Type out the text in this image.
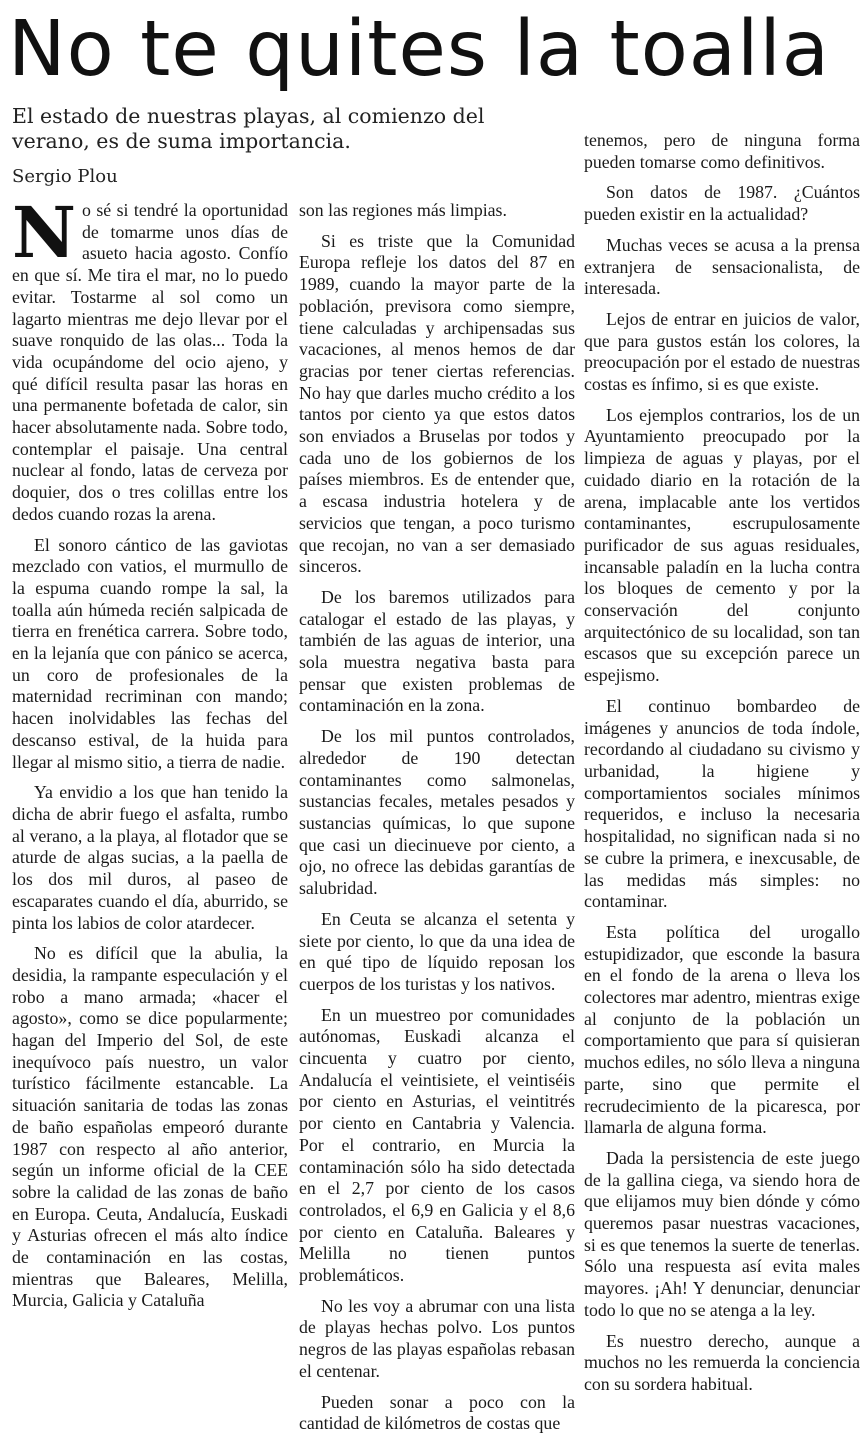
No te quites la toalla

El estado de nuestras playas, al comienzo del verano, es de suma importancia.

Sergio Plou

No sé si tendré la oportunidad de tomarme unos días de asueto hacia agosto. Confío en que sí. Me tira el mar, no lo puedo evitar. Tostarme al sol como un lagarto mientras me dejo llevar por el suave ronquido de las olas... Toda la vida ocupándome del ocio ajeno, y qué difícil resulta pasar las horas en una permanente bofetada de calor, sin hacer absolutamente nada. Sobre todo, contemplar el paisaje. Una central nuclear al fondo, latas de cerveza por doquier, dos o tres colillas entre los dedos cuando rozas la arena.

El sonoro cántico de las gaviotas mezclado con vatios, el murmullo de la espuma cuando rompe la sal, la toalla aún húmeda recién salpicada de tierra en frenética carrera. Sobre todo, en la lejanía que con pánico se acerca, un coro de profesionales de la maternidad recriminan con mando; hacen inolvidables las fechas del descanso estival, de la huida para llegar al mismo sitio, a tierra de nadie.

Ya envidio a los que han tenido la dicha de abrir fuego el asfalta, rumbo al verano, a la playa, al flotador que se aturde de algas sucias, a la paella de los dos mil duros, al paseo de escaparates cuando el día, aburrido, se pinta los labios de color atardecer.

No es difícil que la abulia, la desidia, la rampante especulación y el robo a mano armada; «hacer el agosto», como se dice popularmente; hagan del Imperio del Sol, de este inequívoco país nuestro, un valor turístico fácilmente estancable. La situación sanitaria de todas las zonas de baño españolas empeoró durante 1987 con respecto al año anterior, según un informe oficial de la CEE sobre la calidad de las zonas de baño en Europa. Ceuta, Andalucía, Euskadi y Asturias ofrecen el más alto índice de contaminación en las costas, mientras que Baleares, Melilla, Murcia, Galicia y Cataluña

son las regiones más limpias.

Si es triste que la Comunidad Europa refleje los datos del 87 en 1989, cuando la mayor parte de la población, previsora como siempre, tiene calculadas y archipensadas sus vacaciones, al menos hemos de dar gracias por tener ciertas referencias. No hay que darles mucho crédito a los tantos por ciento ya que estos datos son enviados a Bruselas por todos y cada uno de los gobiernos de los países miembros. Es de entender que, a escasa industria hotelera y de servicios que tengan, a poco turismo que recojan, no van a ser demasiado sinceros.

De los baremos utilizados para catalogar el estado de las playas, y también de las aguas de interior, una sola muestra negativa basta para pensar que existen problemas de contaminación en la zona.

De los mil puntos controlados, alrededor de 190 detectan contaminantes como salmonelas, sustancias fecales, metales pesados y sustancias químicas, lo que supone que casi un diecinueve por ciento, a ojo, no ofrece las debidas garantías de salubridad.

En Ceuta se alcanza el setenta y siete por ciento, lo que da una idea de en qué tipo de líquido reposan los cuerpos de los turistas y los nativos.

En un muestreo por comunidades autónomas, Euskadi alcanza el cincuenta y cuatro por ciento, Andalucía el veintisiete, el veintiséis por ciento en Asturias, el veintitrés por ciento en Cantabria y Valencia. Por el contrario, en Murcia la contaminación sólo ha sido detectada en el 2,7 por ciento de los casos controlados, el 6,9 en Galicia y el 8,6 por ciento en Cataluña. Baleares y Melilla no tienen puntos problemáticos.

No les voy a abrumar con una lista de playas hechas polvo. Los puntos negros de las playas españolas rebasan el centenar.

Pueden sonar a poco con la cantidad de kilómetros de costas que

tenemos, pero de ninguna forma pueden tomarse como definitivos.

Son datos de 1987. ¿Cuántos pueden existir en la actualidad?

Muchas veces se acusa a la prensa extranjera de sensacionalista, de interesada.

Lejos de entrar en juicios de valor, que para gustos están los colores, la preocupación por el estado de nuestras costas es ínfimo, si es que existe.

Los ejemplos contrarios, los de un Ayuntamiento preocupado por la limpieza de aguas y playas, por el cuidado diario en la rotación de la arena, implacable ante los vertidos contaminantes, escrupulosamente purificador de sus aguas residuales, incansable paladín en la lucha contra los bloques de cemento y por la conservación del conjunto arquitectónico de su localidad, son tan escasos que su excepción parece un espejismo.

El continuo bombardeo de imágenes y anuncios de toda índole, recordando al ciudadano su civismo y urbanidad, la higiene y comportamientos sociales mínimos requeridos, e incluso la necesaria hospitalidad, no significan nada si no se cubre la primera, e inexcusable, de las medidas más simples: no contaminar.

Esta política del urogallo estupidizador, que esconde la basura en el fondo de la arena o lleva los colectores mar adentro, mientras exige al conjunto de la población un comportamiento que para sí quisieran muchos ediles, no sólo lleva a ninguna parte, sino que permite el recrudecimiento de la picaresca, por llamarla de alguna forma.

Dada la persistencia de este juego de la gallina ciega, va siendo hora de que elijamos muy bien dónde y cómo queremos pasar nuestras vacaciones, si es que tenemos la suerte de tenerlas. Sólo una respuesta así evita males mayores. ¡Ah! Y denunciar, denunciar todo lo que no se atenga a la ley.

Es nuestro derecho, aunque a muchos no les remuerda la conciencia con su sordera habitual.
